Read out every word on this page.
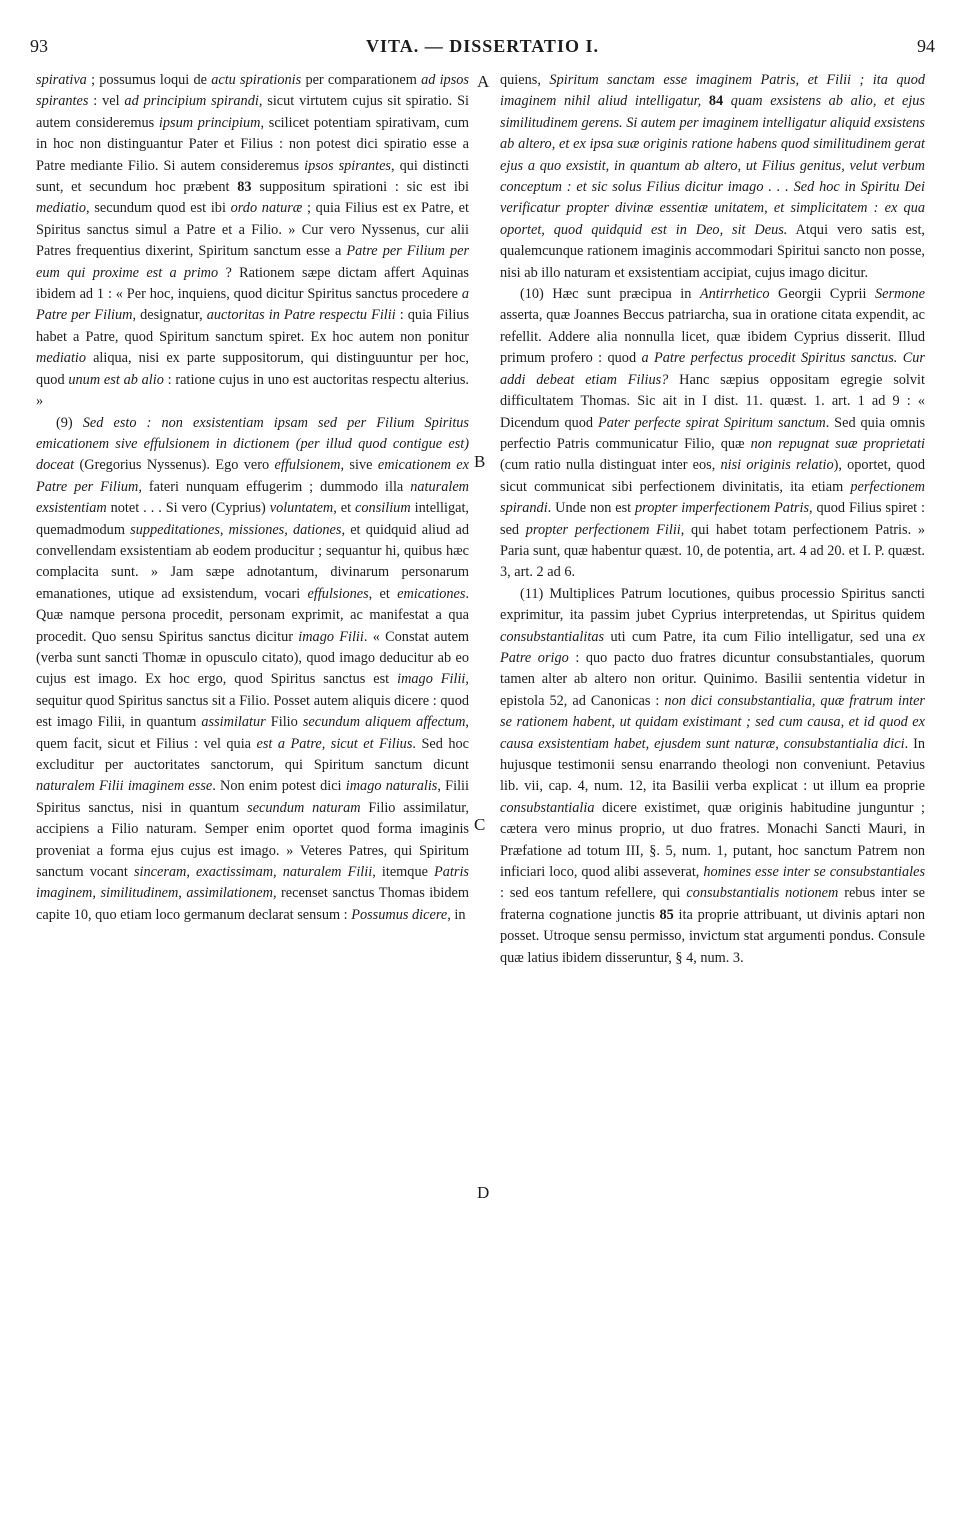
93	VITA. — DISSERTATIO I.	94

spirativa ; possumus loqui de actu spirationis per comparationem ad ipsos spirantes : vel ad principium spirandi, sicut virtutem cujus sit spiratio. Si autem consideremus ipsum principium, scilicet potentiam spirativam, cum in hoc non distinguantur Pater et Filius : non potest dici spiratio esse a Patre mediante Filio. Si autem consideremus ipsos spirantes, qui distincti sunt, et secundum hoc præbent 83 suppositum spirationi : sic est ibi mediatio, secundum quod est ibi ordo naturæ ; quia Filius est ex Patre, et Spiritus sanctus simul a Patre et a Filio. » Cur vero Nyssenus, cur alii Patres frequentius dixerint, Spiritum sanctum esse a Patre per Filium per eum qui proxime est a primo ? Rationem sæpe dictam affert Aquinas ibidem ad 1 : « Per hoc, inquiens, quod dicitur Spiritus sanctus procedere a Patre per Filium, designatur, auctoritas in Patre respectu Filii : quia Filius habet a Patre, quod Spiritum sanctum spiret. Ex hoc autem non ponitur mediatio aliqua, nisi ex parte suppositorum, qui distinguuntur per hoc, quod unum est ab alio : ratione cujus in uno est auctoritas respectu alterius. »

(9) Sed esto : non exsistentiam ipsam sed per Filium Spiritus emicationem sive effulsionem in dictionem (per illud quod contigue est) doceat (Gregorius Nyssenus). Ego vero effulsionem, sive emicationem ex Patre per Filium, fateri nunquam effugerim ; dummodo illa naturalem exsistentiam notet . . . Si vero (Cyprius) voluntatem, et consilium intelligat, quemadmodum suppeditationes, missiones, dationes, et quidquid aliud ad convellendam exsistentiam ab eodem producitur ; sequantur hi, quibus hæc complacita sunt. » Jam sæpe adnotantum, divinarum personarum emanationes, utique ad exsistendum, vocari effulsiones, et emicationes. Quæ namque persona procedit, personam exprimit, ac manifestat a qua procedit. Quo sensu Spiritus sanctus dicitur imago Filii. « Constat autem (verba sunt sancti Thomæ in opusculo citato), quod imago deducitur ab eo cujus est imago. Ex hoc ergo, quod Spiritus sanctus est imago Filii, sequitur quod Spiritus sanctus sit a Filio. Posset autem aliquis dicere : quod est imago Filii, in quantum assimilatur Filio secundum aliquem affectum, quem facit, sicut et Filius : vel quia est a Patre, sicut et Filius. Sed hoc excluditur per auctoritates sanctorum, qui Spiritum sanctum dicunt naturalem Filii imaginem esse. Non enim potest dici imago naturalis, Filii Spiritus sanctus, nisi in quantum secundum naturam Filio assimilatur, accipiens a Filio naturam. Semper enim oportet quod forma imaginis proveniat a forma ejus cujus est imago. » Veteres Patres, qui Spiritum sanctum vocant sinceram, exactissimam, naturalem Filii, itemque Patris imaginem, similitudinem, assimilationem, recenset sanctus Thomas ibidem capite 10, quo etiam loco germanum declarat sensum : Possumus dicere, in

A
B
C
D

quiens, Spiritum sanctam esse imaginem Patris, et Filii ; ita quod imaginem nihil aliud intelligatur, 84 quam exsistens ab alio, et ejus similitudinem gerens. Si autem per imaginem intelligatur aliquid exsistens ab altero, et ex ipsa suæ originis ratione habens quod similitudinem gerat ejus a quo exsistit, in quantum ab altero, ut Filius genitus, velut verbum conceptum : et sic solus Filius dicitur imago . . . Sed hoc in Spiritu Dei verificatur propter divinæ essentiæ unitatem, et simplicitatem : ex qua oportet, quod quidquid est in Deo, sit Deus. Atqui vero satis est, qualemcunque rationem imaginis accommodari Spiritui sancto non posse, nisi ab illo naturam et exsistentiam accipiat, cujus imago dicitur.

(10) Hæc sunt præcipua in Antirrhetico Georgii Cyprii Sermone asserta, quæ Joannes Beccus patriarcha, sua in oratione citata expendit, ac refellit. Addere alia nonnulla licet, quæ ibidem Cyprius disserit. Illud primum profero : quod a Patre perfectus procedit Spiritus sanctus. Cur addi debeat etiam Filius? Hanc sæpius oppositam egregie solvit difficultatem Thomas. Sic ait in I dist. 11. quæst. 1. art. 1 ad 9 : « Dicendum quod Pater perfecte spirat Spiritum sanctum. Sed quia omnis perfectio Patris communicatur Filio, quæ non repugnat suæ proprietati (cum ratio nulla distinguat inter eos, nisi originis relatio), oportet, quod sicut communicat sibi perfectionem divinitatis, ita etiam perfectionem spirandi. Unde non est propter imperfectionem Patris, quod Filius spiret : sed propter perfectionem Filii, qui habet totam perfectionem Patris. » Paria sunt, quæ habentur quæst. 10, de potentia, art. 4 ad 20. et I. P. quæst. 3, art. 2 ad 6.

(11) Multiplices Patrum locutiones, quibus processio Spiritus sancti exprimitur, ita passim jubet Cyprius interpretendas, ut Spiritus quidem consubstantialitas uti cum Patre, ita cum Filio intelligatur, sed una ex Patre origo : quo pacto duo fratres dicuntur consubstantiales, quorum tamen alter ab altero non oritur. Quinimo. Basilii sententia videtur in epistola 52, ad Canonicas : non dici consubstantialia, quæ fratrum inter se rationem habent, ut quidam existimant ; sed cum causa, et id quod ex causa exsistentiam habet, ejusdem sunt naturæ, consubstantialia dici. In hujusque testimonii sensu enarrando theologi non conveniunt. Petavius lib. vii, cap. 4, num. 12, ita Basilii verba explicat : ut illum ea proprie consubstantialia dicere existimet, quæ originis habitudine junguntur ; cætera vero minus proprio, ut duo fratres. Monachi Sancti Mauri, in Præfatione ad totum III, §. 5, num. 1, putant, hoc sanctum Patrem non inficiari loco, quod alibi asseverat, homines esse inter se consubstantiales : sed eos tantum refellere, qui consubstantialis notionem rebus inter se fraterna cognatione junctis 85 ita proprie attribuant, ut divinis aptari non posset. Utroque sensu permisso, invictum stat argumenti pondus. Consule quæ latius ibidem disseruntur, § 4, num. 3.
